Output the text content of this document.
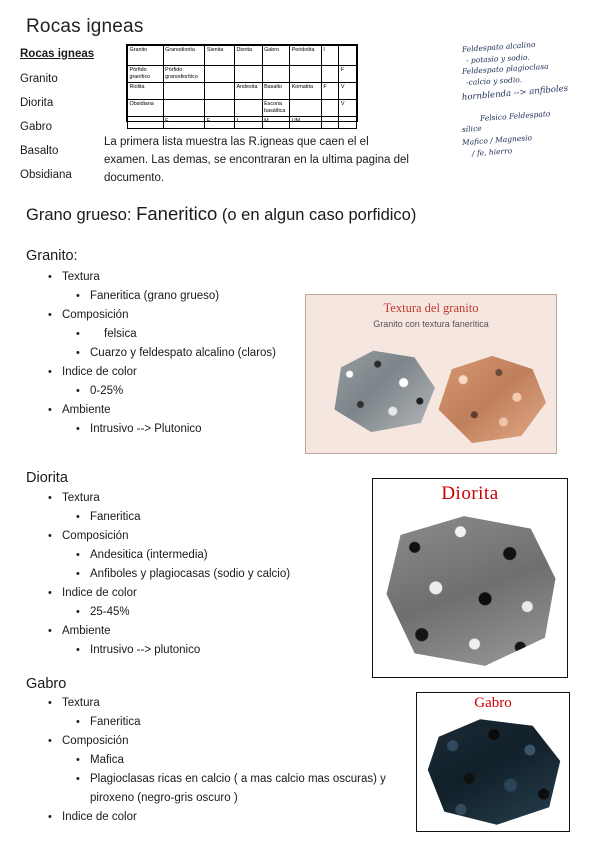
Rocas igneas
Rocas igneas
Granito
Diorita
Gabro
Basalto
Obsidiana
Granito	Granodiorita	Sienita	Diorita	Gabro	Peridotita	I	
Pórfido granítico	Pórfido granodiorítico						F
Riolita			Andesita	Basalto	Komatita	F	V
Obsidiana				Escoria basáltica			V
	F	F	I	M	UM		
La primera lista muestra las R.igneas que caen el el examen. Las demas, se encontraran en la ultima pagina del documento.
Feldespato alcalino
- potasio y sodio.
Feldespato plagioclasa
-calcio y sodio.
hornblenda --> anfiboles
Felsico Feldespato
silice
Mafico / Magnesio
/ fe, hierro
Grano grueso: Faneritico (o en algun caso porfidico)
Granito:
• Textura
• Faneritica (grano grueso)
• Composición
• felsica
• Cuarzo y feldespato alcalino (claros)
• Indice de color
• 0-25%
• Ambiente
• Intrusivo --> Plutonico
Textura del granito
Granito con textura faneritica
Diorita
• Textura
• Faneritica
• Composición
• Andesitica (intermedia)
• Anfiboles y plagiocasas (sodio y calcio)
• Indice de color
• 25-45%
• Ambiente
• Intrusivo --> plutonico
Diorita
Gabro
• Textura
• Faneritica
• Composición
• Mafica
• Plagioclasas ricas en calcio ( a mas calcio mas oscuras) y piroxeno (negro-gris oscuro )
• Indice de color
Gabro
